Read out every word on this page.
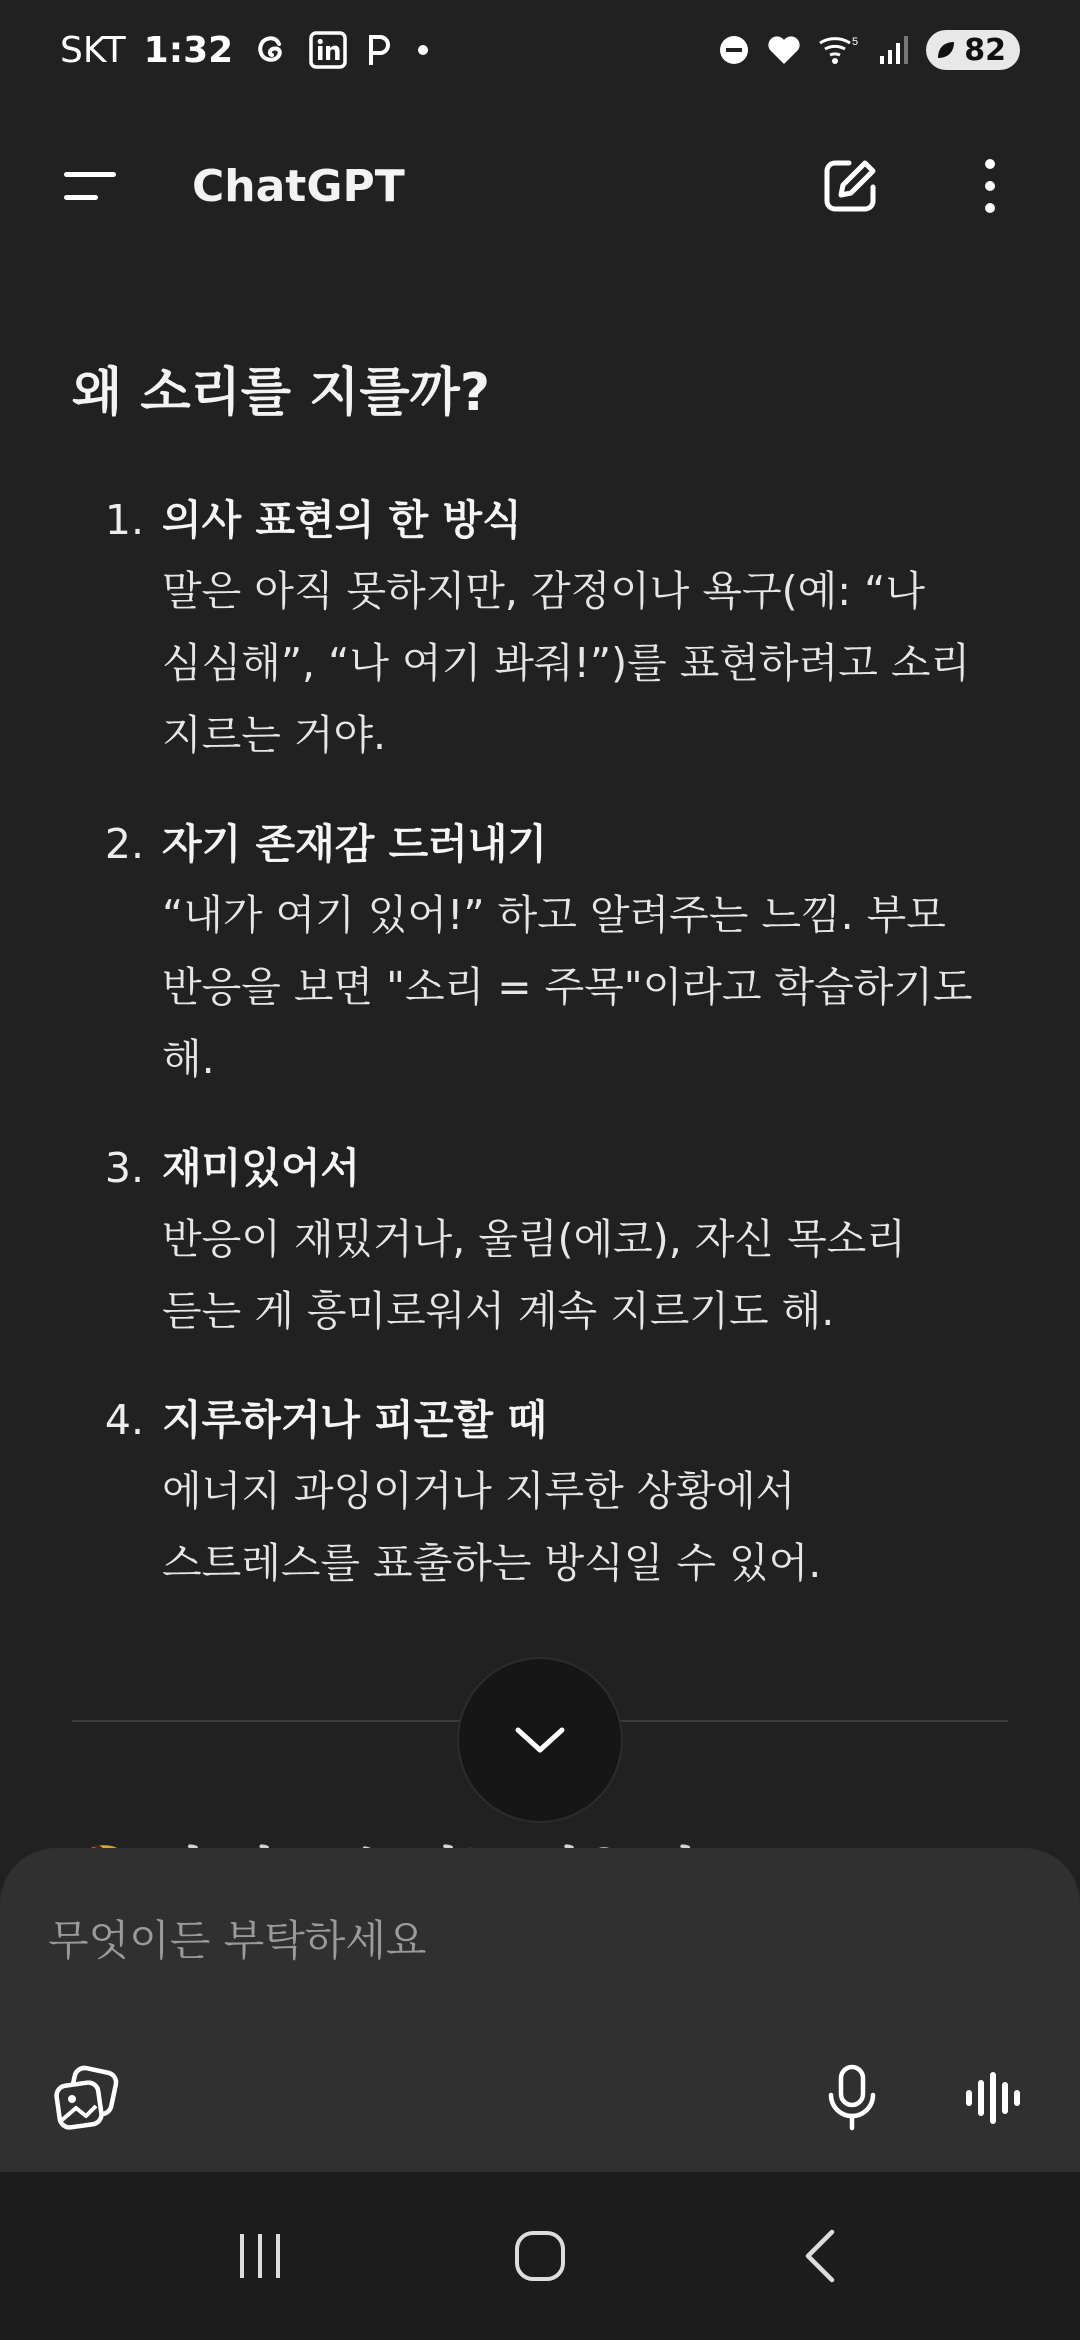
SKT 1:32	5	82
ChatGPT
왜 소리를 지를까?
1. 의사 표현의 한 방식
말은 아직 못하지만, 감정이나 욕구(예: “나
심심해”, “나 여기 봐줘!”)를 표현하려고 소리
지르는 거야.
2. 자기 존재감 드러내기
“내가 여기 있어!” 하고 알려주는 느낌. 부모
반응을 보면 "소리 = 주목"이라고 학습하기도
해.
3. 재미있어서
반응이 재밌거나, 울림(에코), 자신 목소리
듣는 게 흥미로워서 계속 지르기도 해.
4. 지루하거나 피곤할 때
에너지 과잉이거나 지루한 상황에서
스트레스를 표출하는 방식일 수 있어.
무엇이든 부탁하세요
